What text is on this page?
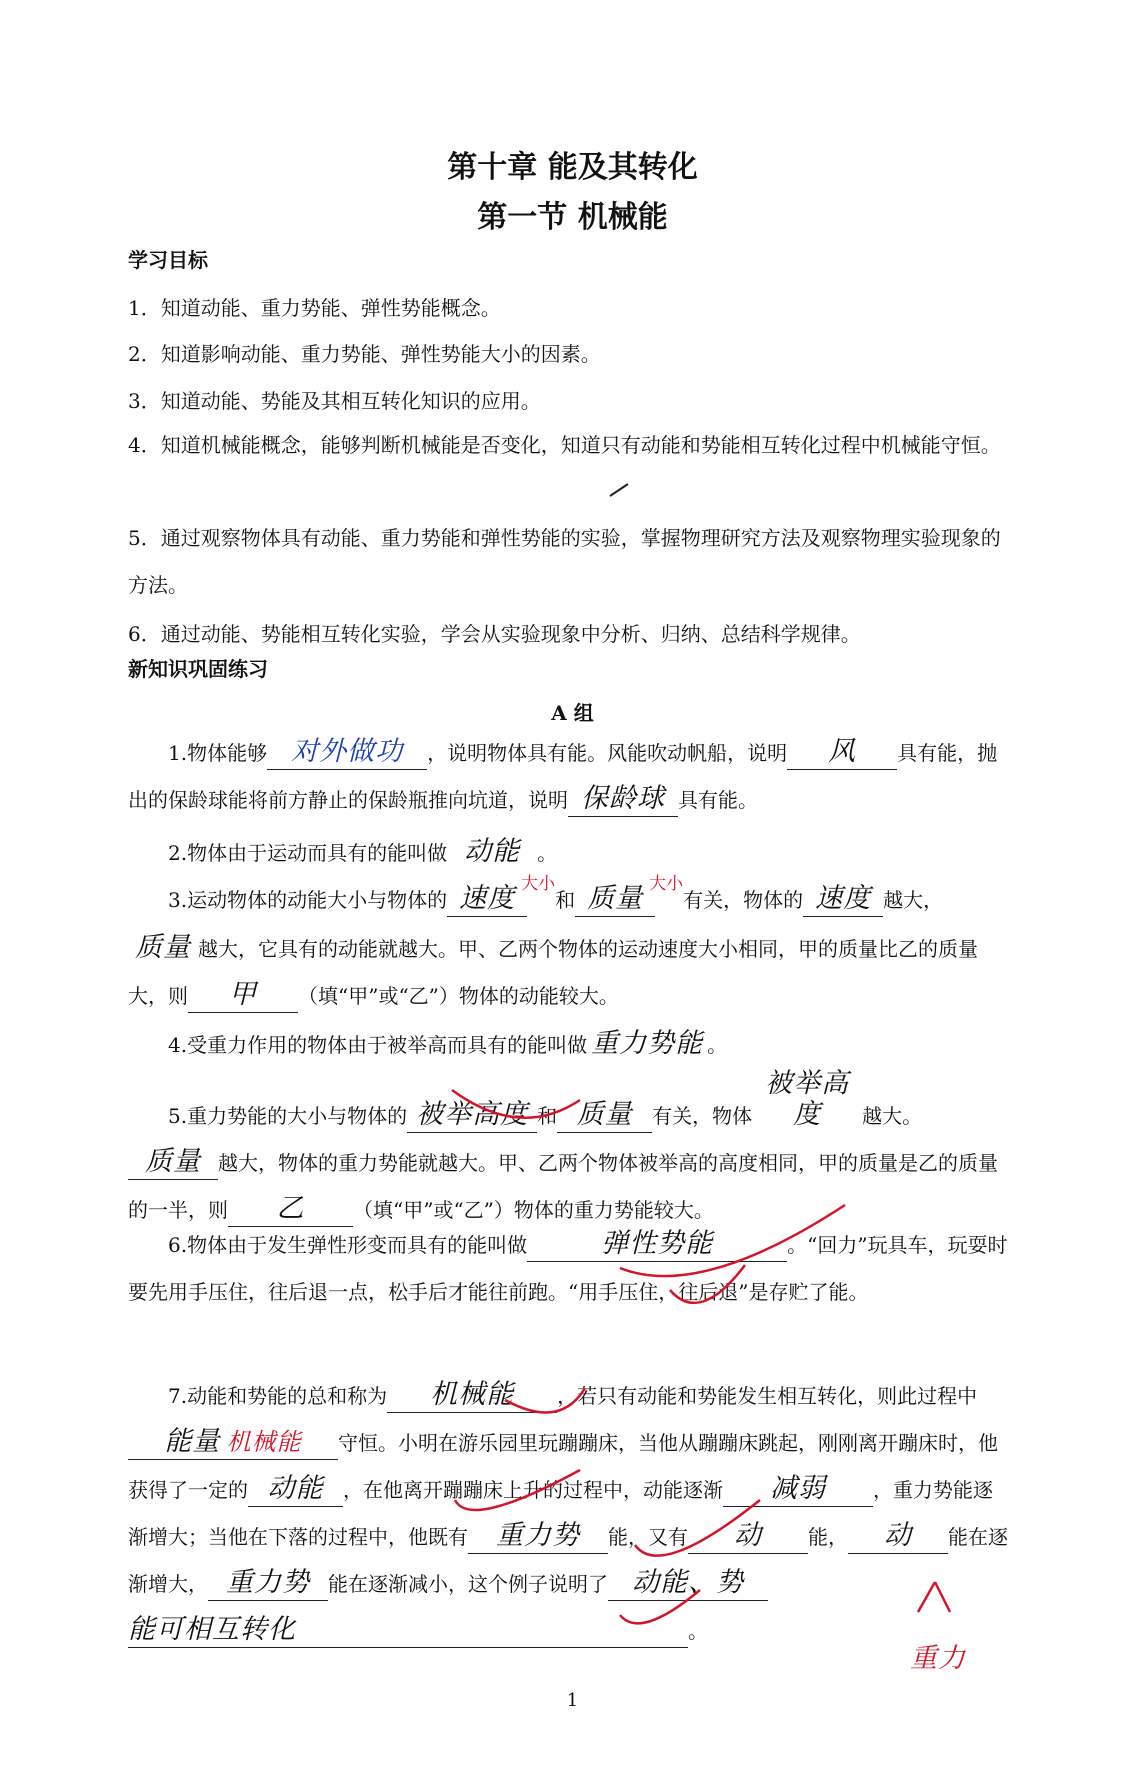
第十章 能及其转化
第一节 机械能
学习目标
1．知道动能、重力势能、弹性势能概念。
2．知道影响动能、重力势能、弹性势能大小的因素。
3．知道动能、势能及其相互转化知识的应用。
4．知道机械能概念，能够判断机械能是否变化，知道只有动能和势能相互转化过程中机械能守恒。
5．通过观察物体具有动能、重力势能和弹性势能的实验，掌握物理研究方法及观察物理实验现象的方法。
6．通过动能、势能相互转化实验，学会从实验现象中分析、归纳、总结科学规律。
新知识巩固练习
A 组
1.物体能够 对外做功 ，说明物体具有能。风能吹动帆船，说明 风 具有能，抛出的保龄球能将前方静止的保龄瓶推向坑道，说明 保龄球 具有能。
2.物体由于运动而具有的能叫做 动能 。
3.运动物体的动能大小与物体的 速度 $^{大小}$和 质量 $^{大小}$有关，物体的 速度 越大，质量 越大，它具有的动能就越大。甲、乙两个物体的运动速度大小相同，甲的质量比乙的质量大，则 甲 （填“甲”或“乙”）物体的动能较大。
4.受重力作用的物体由于被举高而具有的能叫做 重力势能 。
5.重力势能的大小与物体的 被举高度 和 质量 有关，物体被举高度 越大。质量 越大，物体的重力势能就越大。甲、乙两个物体被举高的高度相同，甲的质量是乙的质量的一半，则 乙 （填“甲”或“乙”）物体的重力势能较大。
6.物体由于发生弹性形变而具有的能叫做	弹性势能	。“回力”玩具车，玩耍时要先用手压住，往后退一点，松手后才能往前跑。“用手压住，往后退”是存贮了能。
7.动能和势能的总和称为 机械能 ，若只有动能和势能发生相互转化，则此过程中能量 机械能 守恒。小明在游乐园里玩蹦蹦床，当他从蹦蹦床跳起，刚刚离开蹦床时，他获得了一定的 动能 ，在他离开蹦蹦床上升的过程中，动能逐渐 减弱 ，重力势能逐渐增大；当他在下落的过程中，他既有 重力势 能，又有 动 能， 动 能在逐渐增大， 重力势 能在逐渐减小，这个例子说明了 动能、势能可相互转化	。
重力
1
